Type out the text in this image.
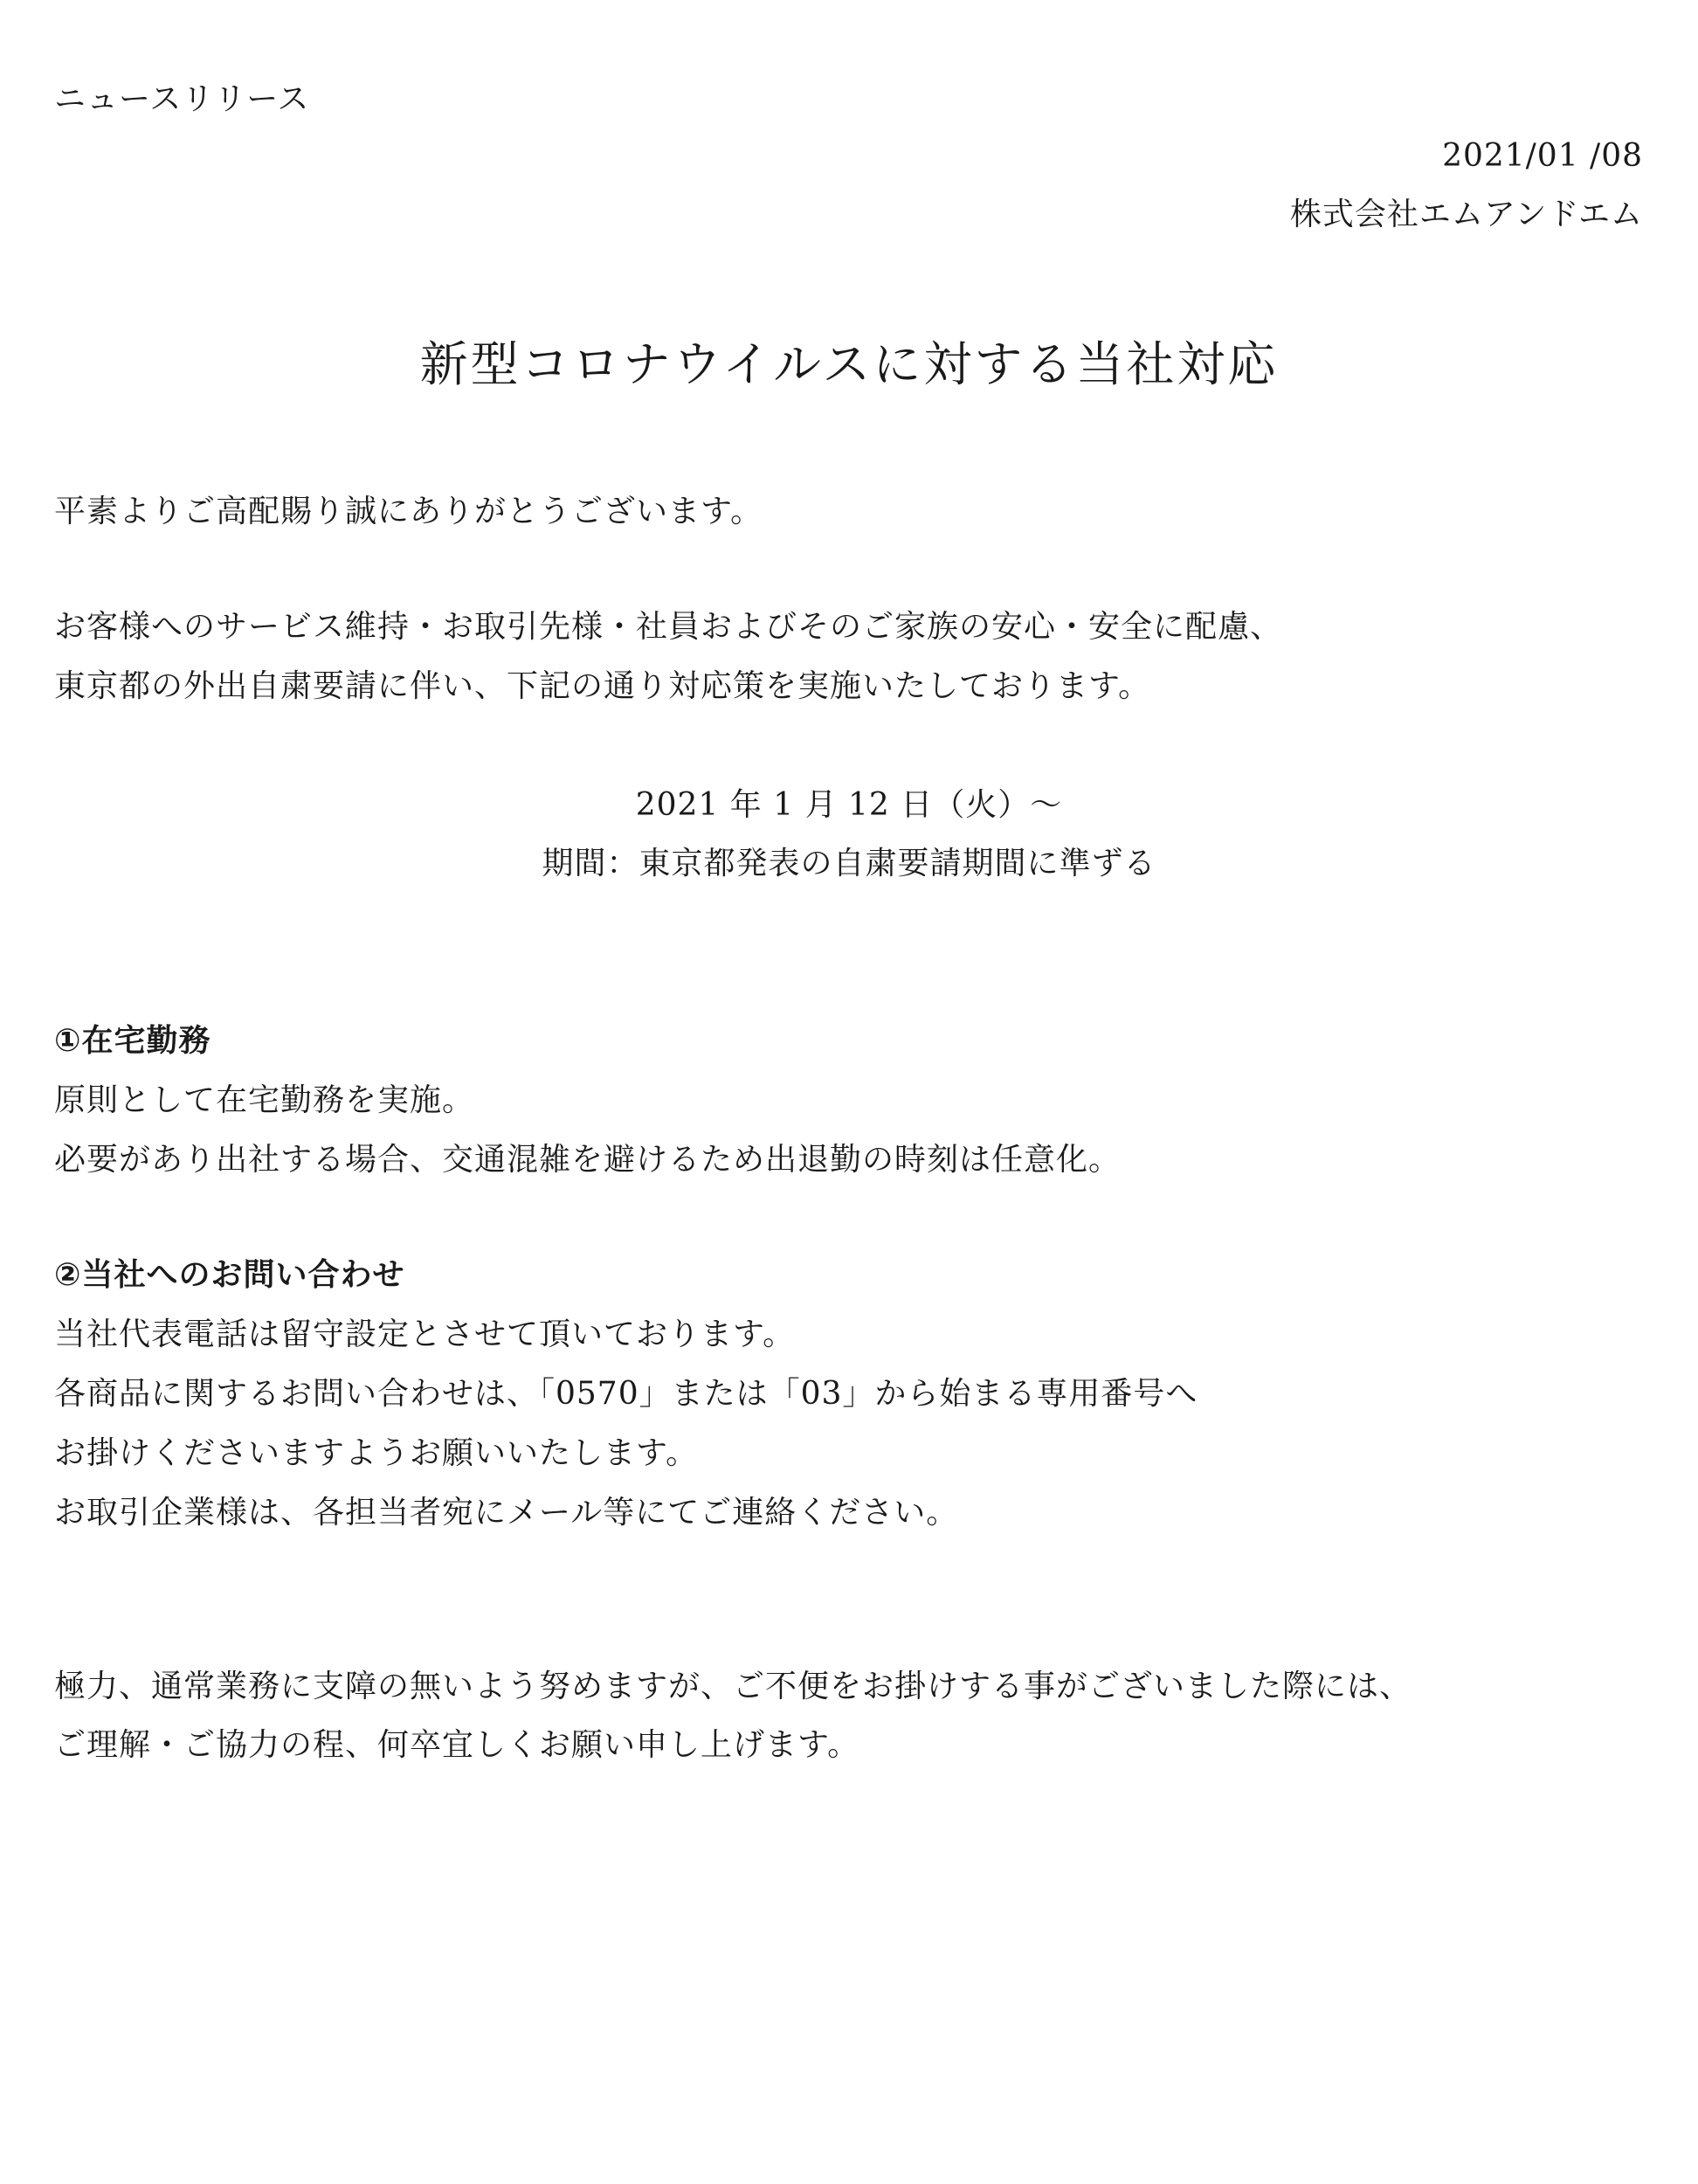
ニュースリリース
2021/01 /08
株式会社エムアンドエム
新型コロナウイルスに対する当社対応
平素よりご高配賜り誠にありがとうございます。
お客様へのサービス維持・お取引先様・社員およびそのご家族の安心・安全に配慮、
東京都の外出自粛要請に伴い、下記の通り対応策を実施いたしております。
2021 年 1 月 12 日（火）～
期間：東京都発表の自粛要請期間に準ずる
①在宅勤務
原則として在宅勤務を実施。
必要があり出社する場合、交通混雑を避けるため出退勤の時刻は任意化。
②当社へのお問い合わせ
当社代表電話は留守設定とさせて頂いております。
各商品に関するお問い合わせは、「0570」または「03」から始まる専用番号へ
お掛けくださいますようお願いいたします。
お取引企業様は、各担当者宛にメール等にてご連絡ください。
極力、通常業務に支障の無いよう努めますが、ご不便をお掛けする事がございました際には、
ご理解・ご協力の程、何卒宜しくお願い申し上げます。
